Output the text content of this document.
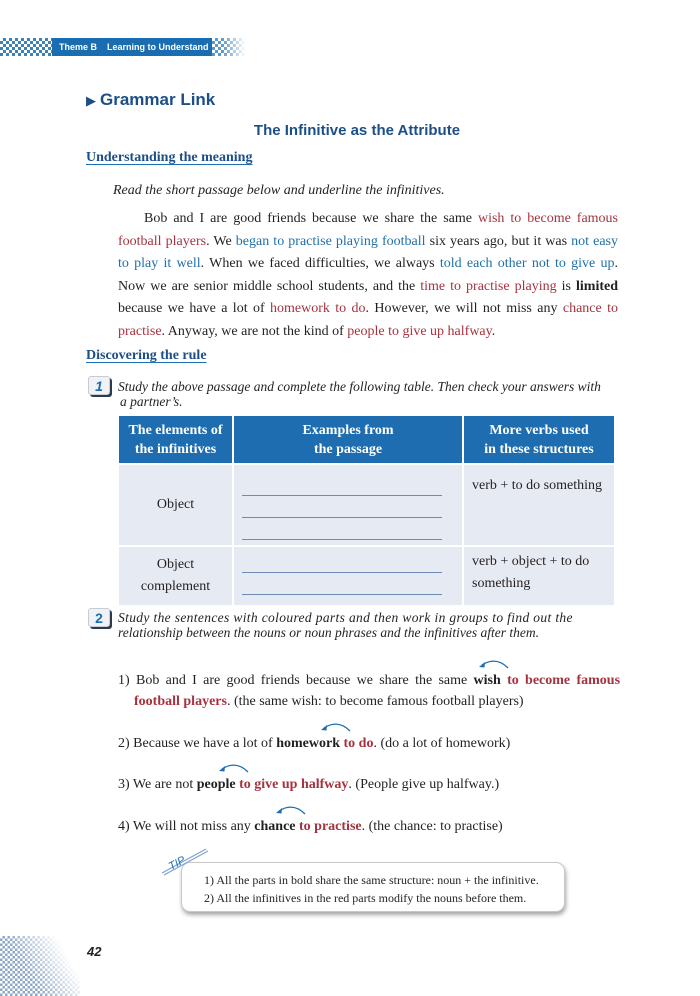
Theme B Learning to Understand
▶ Grammar Link
The Infinitive as the Attribute
Understanding the meaning
Read the short passage below and underline the infinitives.
Bob and I are good friends because we share the same wish to become famous football players. We began to practise playing football six years ago, but it was not easy to play it well. When we faced difficulties, we always told each other not to give up. Now we are senior middle school students, and the time to practise playing is limited because we have a lot of homework to do. However, we will not miss any chance to practise. Anyway, we are not the kind of people to give up halfway.
Discovering the rule
1	Study the above passage and complete the following table. Then check your answers with
a partner’s.
The elements of
the infinitives	Examples from
the passage	More verbs used
in these structures
Object		verb + to do something
Object
complement		verb + object + to do something
2	Study the sentences with coloured parts and then work in groups to find out the
relationship between the nouns or noun phrases and the infinitives after them.
1) Bob and I are good friends because we share the same wish to become famous
football players. (the same wish: to become famous football players)
2) Because we have a lot of homework to do. (do a lot of homework)
3) We are not people to give up halfway. (People give up halfway.)
4) We will not miss any chance to practise. (the chance: to practise)
1) All the parts in bold share the same structure: noun + the infinitive.
2) All the infinitives in the red parts modify the nouns before them.
TIP
42
